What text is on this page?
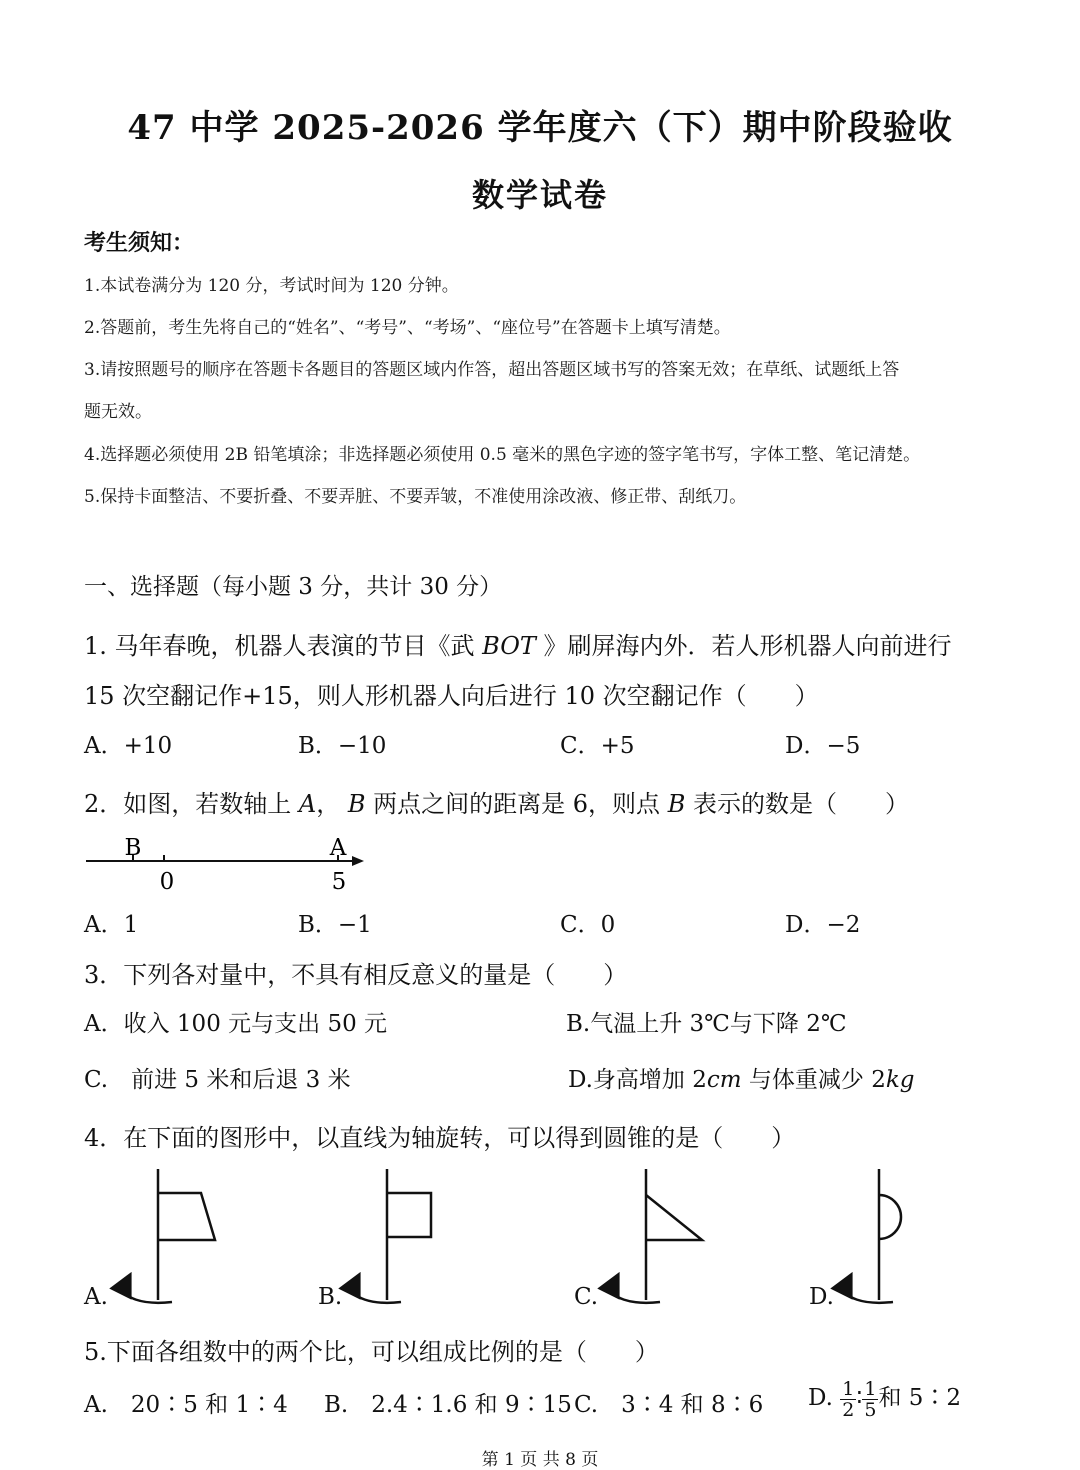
47 中学 2025-2026 学年度六（下）期中阶段验收
数学试卷
考生须知：
1.本试卷满分为 120 分，考试时间为 120 分钟。
2.答题前，考生先将自己的“姓名”、“考号”、“考场”、“座位号”在答题卡上填写清楚。
3.请按照题号的顺序在答题卡各题目的答题区域内作答，超出答题区域书写的答案无效；在草纸、试题纸上答
题无效。
4.选择题必须使用 2B 铅笔填涂；非选择题必须使用 0.5 毫米的黑色字迹的签字笔书写，字体工整、笔记清楚。
5.保持卡面整洁、不要折叠、不要弄脏、不要弄皱，不准使用涂改液、修正带、刮纸刀。
一、选择题（每小题 3 分，共计 30 分）
1. 马年春晚，机器人表演的节目《武 BOT 》刷屏海内外．若人形机器人向前进行
15 次空翻记作+15，则人形机器人向后进行 10 次空翻记作（　　）
A．+10	B．−10	C．+5	D．−5
2．如图，若数轴上 A， B 两点之间的距离是 6，则点 B 表示的数是（　　）
B	A
0	5
A．1	B．−1	C．0	D．−2
3．下列各对量中，不具有相反意义的量是（　　）
A．收入 100 元与支出 50 元	B.气温上升 3℃与下降 2℃
C.　前进 5 米和后退 3 米	D.身高增加 2cm 与体重减少 2kg
4．在下面的图形中，以直线为轴旋转，可以得到圆锥的是（　　）
A.	B.	C.	D.
5.下面各组数中的两个比，可以组成比例的是（　　）
A.　20∶5 和 1∶4 B.　2.4∶1.6 和 9∶15 C.　3∶4 和 8∶6 D. $\frac{1}{2}$ ∶ $\frac{1}{5}$ 和 5∶2
第 1 页 共 8 页
